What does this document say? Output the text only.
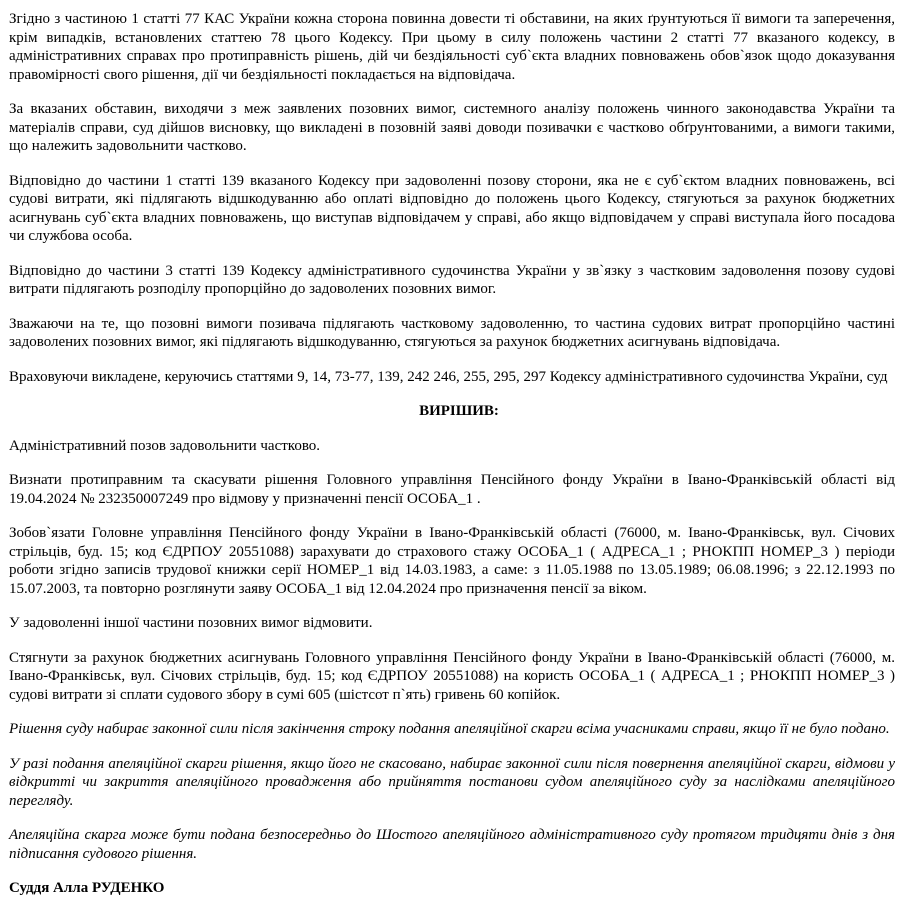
Згідно з частиною 1 статті 77 КАС України кожна сторона повинна довести ті обставини, на яких ґрунтуються її вимоги та заперечення, крім випадків, встановлених статтею 78 цього Кодексу. При цьому в силу положень частини 2 статті 77 вказаного кодексу, в адміністративних справах про протиправність рішень, дій чи бездіяльності суб`єкта владних повноважень обов`язок щодо доказування правомірності свого рішення, дії чи бездіяльності покладається на відповідача.

За вказаних обставин, виходячи з меж заявлених позовних вимог, системного аналізу положень чинного законодавства України та матеріалів справи, суд дійшов висновку, що викладені в позовній заяві доводи позивачки є частково обґрунтованими, а вимоги такими, що належить задовольнити частково.

Відповідно до частини 1 статті 139 вказаного Кодексу при задоволенні позову сторони, яка не є суб`єктом владних повноважень, всі судові витрати, які підлягають відшкодуванню або оплаті відповідно до положень цього Кодексу, стягуються за рахунок бюджетних асигнувань суб`єкта владних повноважень, що виступав відповідачем у справі, або якщо відповідачем у справі виступала його посадова чи службова особа.

Відповідно до частини 3 статті 139 Кодексу адміністративного судочинства України у зв`язку з частковим задоволення позову судові витрати підлягають розподілу пропорційно до задоволених позовних вимог.

Зважаючи на те, що позовні вимоги позивача підлягають частковому задоволенню, то частина судових витрат пропорційно частині задоволених позовних вимог, які підлягають відшкодуванню, стягуються за рахунок бюджетних асигнувань відповідача.

Враховуючи викладене, керуючись статтями 9, 14, 73-77, 139, 242 246, 255, 295, 297 Кодексу адміністративного судочинства України, суд

ВИРІШИВ:

Адміністративний позов задовольнити частково.

Визнати протиправним та скасувати рішення Головного управління Пенсійного фонду України в Івано-Франківській області від 19.04.2024 № 232350007249 про відмову у призначенні пенсії ОСОБА_1 .

Зобов`язати Головне управління Пенсійного фонду України в Івано-Франківській області (76000, м. Івано-Франківськ, вул. Січових стрільців, буд. 15; код ЄДРПОУ 20551088) зарахувати до страхового стажу ОСОБА_1 ( АДРЕСА_1 ; РНОКПП НОМЕР_3 ) періоди роботи згідно записів трудової книжки серії НОМЕР_1 від 14.03.1983, а саме: з 11.05.1988 по 13.05.1989; 06.08.1996; з 22.12.1993 по 15.07.2003, та повторно розглянути заяву ОСОБА_1 від 12.04.2024 про призначення пенсії за віком.

У задоволенні іншої частини позовних вимог відмовити.

Стягнути за рахунок бюджетних асигнувань Головного управління Пенсійного фонду України в Івано-Франківській області (76000, м. Івано-Франківськ, вул. Січових стрільців, буд. 15; код ЄДРПОУ 20551088) на користь ОСОБА_1 ( АДРЕСА_1 ; РНОКПП НОМЕР_3 ) судові витрати зі сплати судового збору в сумі 605 (шістсот п`ять) гривень 60 копійок.

Рішення суду набирає законної сили після закінчення строку подання апеляційної скарги всіма учасниками справи, якщо її не було подано.

У разі подання апеляційної скарги рішення, якщо його не скасовано, набирає законної сили після повернення апеляційної скарги, відмови у відкритті чи закриття апеляційного провадження або прийняття постанови судом апеляційного суду за наслідками апеляційного перегляду.

Апеляційна скарга може бути подана безпосередньо до Шостого апеляційного адміністративного суду протягом тридцяти днів з дня підписання судового рішення.

Суддя Алла РУДЕНКО
